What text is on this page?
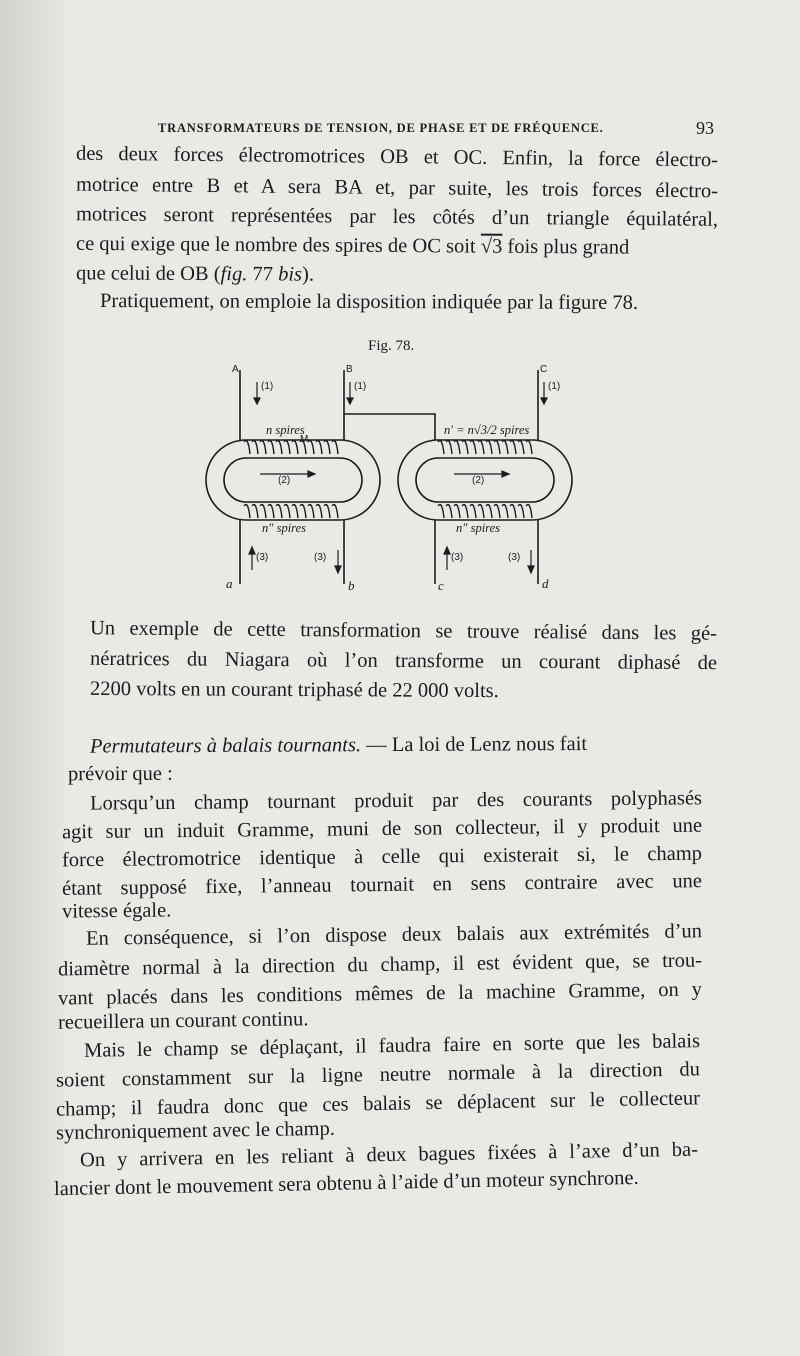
TRANSFORMATEURS DE TENSION, DE PHASE ET DE FRÉQUENCE.	93
des deux forces électromotrices OB et OC. Enfin, la force électro-
motrice entre B et A sera BA et, par suite, les trois forces électro-
motrices seront représentées par les côtés d’un triangle équilatéral,
ce qui exige que le nombre des spires de OC soit √3 fois plus grand
que celui de OB (fig. 77 bis).
Pratiquement, on emploie la disposition indiquée par la figure 78.
Fig. 78.
A	B	C
a	b	c	d
(1)	(1)	(1)
(2)	(2)
(3)	(3)	(3)	(3)
M
n spires	n′ = n√3/2 spires
n″ spires	n″ spires
Un exemple de cette transformation se trouve réalisé dans les gé-
nératrices du Niagara où l’on transforme un courant diphasé de
2200 volts en un courant triphasé de 22 000 volts.
Permutateurs à balais tournants. — La loi de Lenz nous fait
prévoir que :
Lorsqu’un champ tournant produit par des courants polyphasés
agit sur un induit Gramme, muni de son collecteur, il y produit une
force électromotrice identique à celle qui existerait si, le champ
étant supposé fixe, l’anneau tournait en sens contraire avec une
vitesse égale.
En conséquence, si l’on dispose deux balais aux extrémités d’un
diamètre normal à la direction du champ, il est évident que, se trou-
vant placés dans les conditions mêmes de la machine Gramme, on y
recueillera un courant continu.
Mais le champ se déplaçant, il faudra faire en sorte que les balais
soient constamment sur la ligne neutre normale à la direction du
champ; il faudra donc que ces balais se déplacent sur le collecteur
synchroniquement avec le champ.
On y arrivera en les reliant à deux bagues fixées à l’axe d’un ba-
lancier dont le mouvement sera obtenu à l’aide d’un moteur synchrone.
